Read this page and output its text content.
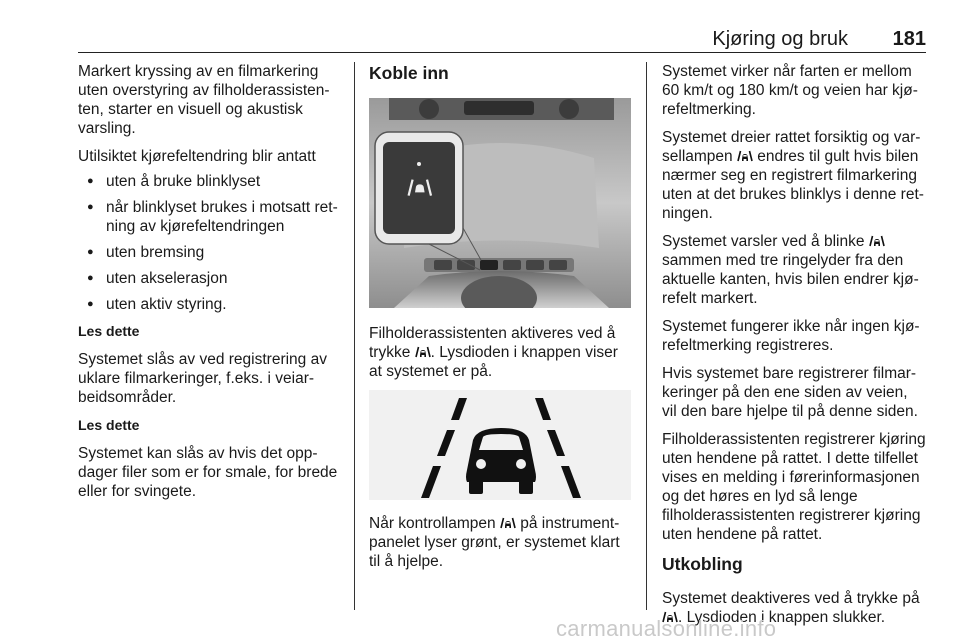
Kjøring og bruk 181

Markert kryssing av en filmarkering uten overstyring av filholderassistenten, starter en visuell og akustisk varsling.

Utilsiktet kjørefeltendring blir antatt

● uten å bruke blinklyset
● når blinklyset brukes i motsatt retning av kjørefeltendringen
● uten bremsing
● uten akselerasjon
● uten aktiv styring.

Les dette

Systemet slås av ved registrering av uklare filmarkeringer, f.eks. i veiarbeidsområder.

Les dette

Systemet kan slås av hvis det oppdager filer som er for smale, for brede eller for svingete.

Koble inn

Filholderassistenten aktiveres ved å trykke . Lysdioden i knappen viser at systemet er på.

Når kontrollampen  på instrumentpanelet lyser grønt, er systemet klart til å hjelpe.

Systemet virker når farten er mellom 60 km/t og 180 km/t og veien har kjørefeltmerking.

Systemet dreier rattet forsiktig og varsellampen  endres til gult hvis bilen nærmer seg en registrert filmarkering uten at det brukes blinklys i denne retningen.

Systemet varsler ved å blinke  sammen med tre ringelyder fra den aktuelle kanten, hvis bilen endrer kjørefelt markert.

Systemet fungerer ikke når ingen kjørefeltmerking registreres.

Hvis systemet bare registrerer filmarkeringer på den ene siden av veien, vil den bare hjelpe til på denne siden.

Filholderassistenten registrerer kjøring uten hendene på rattet. I dette tilfellet vises en melding i førerinformasjonen og det høres en lyd så lenge filholderassistenten registrerer kjøring uten hendene på rattet.

Utkobling

Systemet deaktiveres ved å trykke på . Lysdioden i knappen slukker.

carmanualsonline.info
